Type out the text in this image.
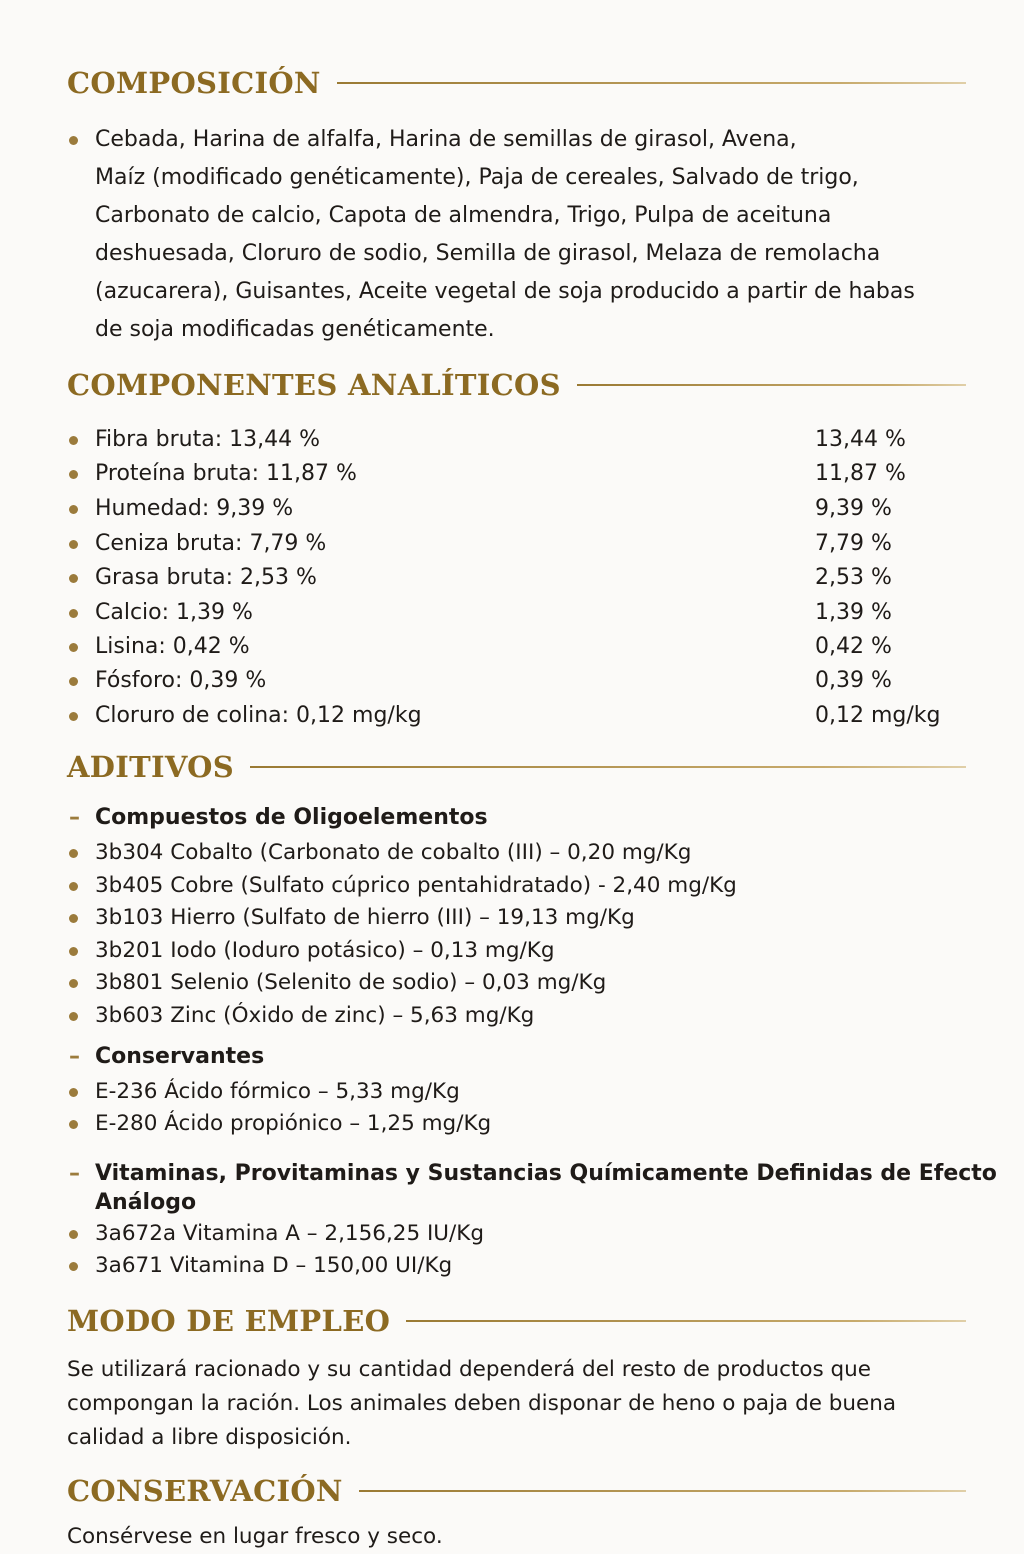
COMPOSICIÓN
Cebada, Harina de alfalfa, Harina de semillas de girasol, Avena,
Maíz (modificado genéticamente), Paja de cereales, Salvado de trigo,
Carbonato de calcio, Capota de almendra, Trigo, Pulpa de aceituna
deshuesada, Cloruro de sodio, Semilla de girasol, Melaza de remolacha
(azucarera), Guisantes, Aceite vegetal de soja producido a partir de habas
de soja modificadas genéticamente.
COMPONENTES ANALÍTICOS
Fibra bruta: 13,44 %	13,44 %
Proteína bruta: 11,87 %	11,87 %
Humedad: 9,39 %	9,39 %
Ceniza bruta: 7,79 %	7,79 %
Grasa bruta: 2,53 %	2,53 %
Calcio: 1,39 %	1,39 %
Lisina: 0,42 %	0,42 %
Fósforo: 0,39 %	0,39 %
Cloruro de colina: 0,12 mg/kg	0,12 mg/kg
ADITIVOS
– Compuestos de Oligoelementos
3b304 Cobalto (Carbonato de cobalto (III) – 0,20 mg/Kg
3b405 Cobre (Sulfato cúprico pentahidratado) - 2,40 mg/Kg
3b103 Hierro (Sulfato de hierro (III) – 19,13 mg/Kg
3b201 Iodo (Ioduro potásico) – 0,13 mg/Kg
3b801 Selenio (Selenito de sodio) – 0,03 mg/Kg
3b603 Zinc (Óxido de zinc) – 5,63 mg/Kg
– Conservantes
E-236 Ácido fórmico – 5,33 mg/Kg
E-280 Ácido propiónico – 1,25 mg/Kg
– Vitaminas, Provitaminas y Sustancias Químicamente Definidas de Efecto
Análogo
3a672a Vitamina A – 2,156,25 IU/Kg
3a671 Vitamina D – 150,00 UI/Kg
MODO DE EMPLEO
Se utilizará racionado y su cantidad dependerá del resto de productos que
compongan la ración. Los animales deben disponar de heno o paja de buena
calidad a libre disposición.
CONSERVACIÓN
Consérvese en lugar fresco y seco.
